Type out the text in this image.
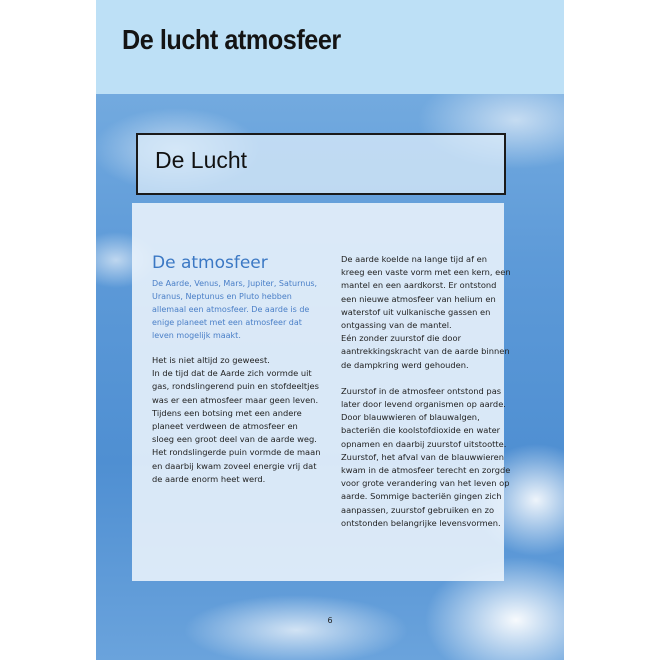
De lucht atmosfeer
De Lucht
De atmosfeer

De Aarde, Venus, Mars, Jupiter, Saturnus, Uranus, Neptunus en Pluto hebben allemaal een atmosfeer. De aarde is de enige planeet met een atmosfeer dat leven mogelijk maakt.

Het is niet altijd zo geweest.
In de tijd dat de Aarde zich vormde uit gas, rondslingerend puin en stofdeeltjes was er een atmosfeer maar geen leven. Tijdens een botsing met een andere planeet verdween de atmosfeer en sloeg een groot deel van de aarde weg. Het rondslingerde puin vormde de maan en daarbij kwam zoveel energie vrij dat de aarde enorm heet werd.

De aarde koelde na lange tijd af en kreeg een vaste vorm met een kern, een mantel en een aardkorst. Er ontstond een nieuwe atmosfeer van helium en waterstof uit vulkanische gassen en ontgassing van de mantel.
Eén zonder zuurstof die door aantrekkingskracht van de aarde binnen de dampkring werd gehouden.

Zuurstof in de atmosfeer ontstond pas later door levend organismen op aarde. Door blauwwieren of blauwalgen, bacteriën die koolstofdioxide en water opnamen en daarbij zuurstof uitstootte. Zuurstof, het afval van de blauwwieren kwam in de atmosfeer terecht en zorgde voor grote verandering van het leven op aarde. Sommige bacteriën gingen zich aanpassen, zuurstof gebruiken en zo ontstonden belangrijke levensvormen.

6
